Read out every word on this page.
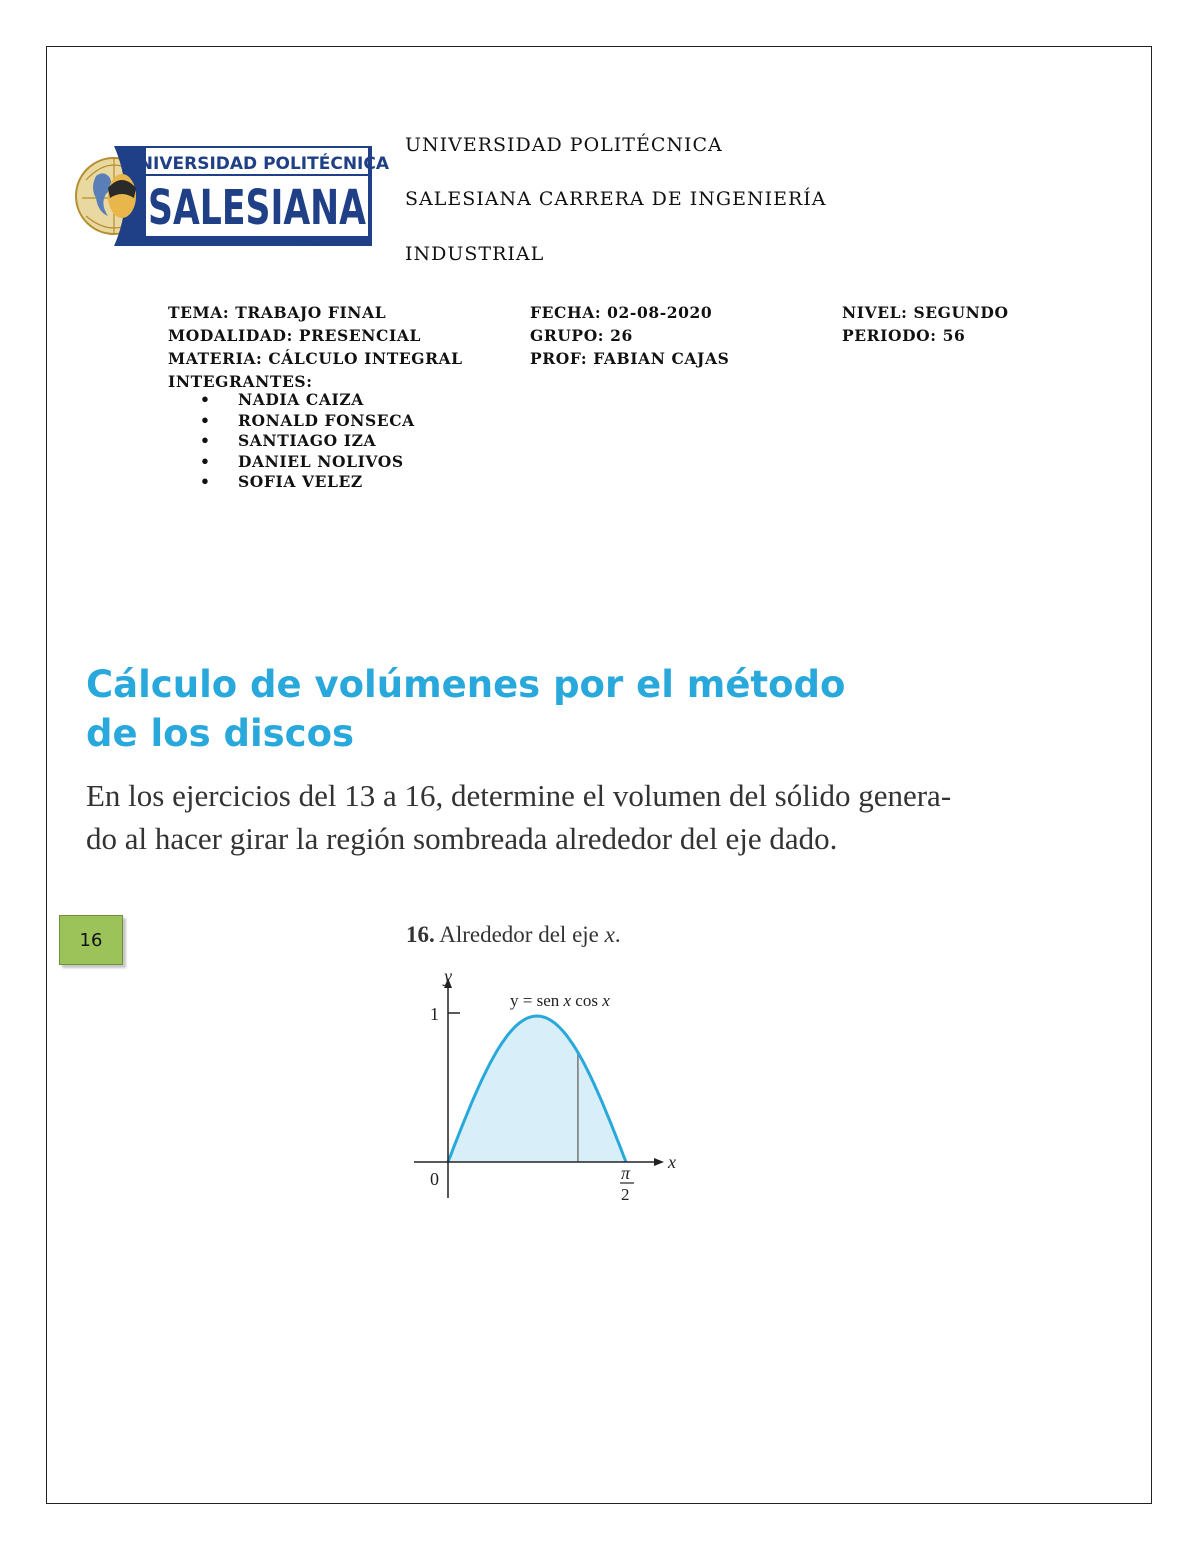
UNIVERSIDAD POLITÉCNICA
SALESIANA
ECUADOR
UNIVERSIDAD POLITÉCNICA
SALESIANA CARRERA DE INGENIERÍA
INDUSTRIAL
TEMA: TRABAJO FINAL
MODALIDAD: PRESENCIAL
MATERIA: CÁLCULO INTEGRAL
INTEGRANTES:
FECHA: 02-08-2020
GRUPO: 26
PROF: FABIAN CAJAS
NIVEL: SEGUNDO
PERIODO: 56
• NADIA CAIZA
• RONALD FONSECA
• SANTIAGO IZA
• DANIEL NOLIVOS
• SOFIA VELEZ
Cálculo de volúmenes por el método
de los discos
En los ejercicios del 13 a 16, determine el volumen del sólido genera-
do al hacer girar la región sombreada alrededor del eje dado.
16	16. Alrededor del eje x.
y
1
x
0	π
2
y = sen x cos x
